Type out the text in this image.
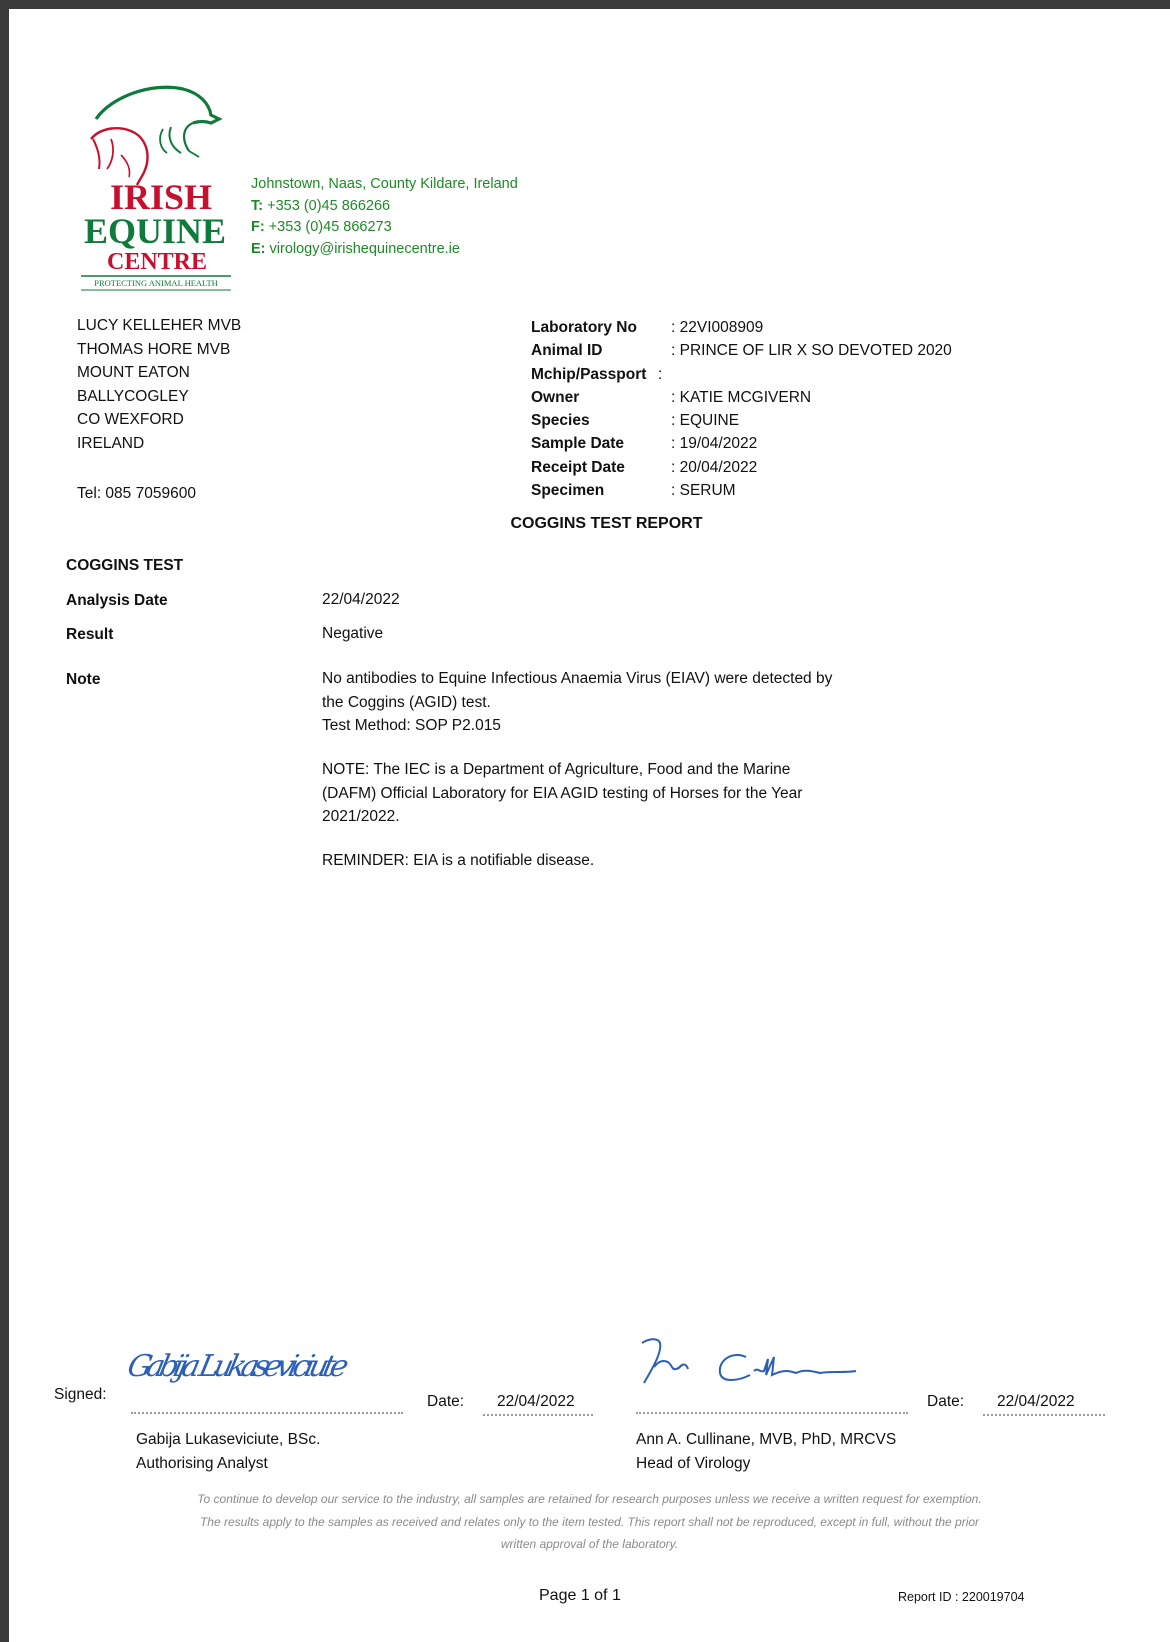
IRISH
EQUINE
CENTRE
PROTECTING ANIMAL HEALTH
Johnstown, Naas, County Kildare, Ireland
T: +353 (0)45 866266
F: +353 (0)45 866273
E: virology@irishequinecentre.ie
LUCY KELLEHER MVB
THOMAS HORE MVB
MOUNT EATON
BALLYCOGLEY
CO WEXFORD
IRELAND
Tel: 085 7059600
Laboratory No	: 22VI008909
Animal ID	: PRINCE OF LIR X SO DEVOTED 2020
Mchip/Passport :
Owner	: KATIE MCGIVERN
Species	: EQUINE
Sample Date	: 19/04/2022
Receipt Date	: 20/04/2022
Specimen	: SERUM
COGGINS TEST REPORT
COGGINS TEST
Analysis Date	22/04/2022
Result	Negative
Note	No antibodies to Equine Infectious Anaemia Virus (EIAV) were detected by
the Coggins (AGID) test.
Test Method: SOP P2.015
NOTE: The IEC is a Department of Agriculture, Food and the Marine
(DAFM) Official Laboratory for EIA AGID testing of Horses for the Year
2021/2022.
REMINDER: EIA is a notifiable disease.
Signed:
Gabija Lukaseviciute
Date: 22/04/2022
Gabija Lukaseviciute, BSc.
Authorising Analyst
Date: 22/04/2022
Ann A. Cullinane, MVB, PhD, MRCVS
Head of Virology
To continue to develop our service to the industry, all samples are retained for research purposes unless we receive a written request for exemption.
The results apply to the samples as received and relates only to the item tested. This report shall not be reproduced, except in full, without the prior
written approval of the laboratory.
Page 1 of 1	Report ID : 220019704
